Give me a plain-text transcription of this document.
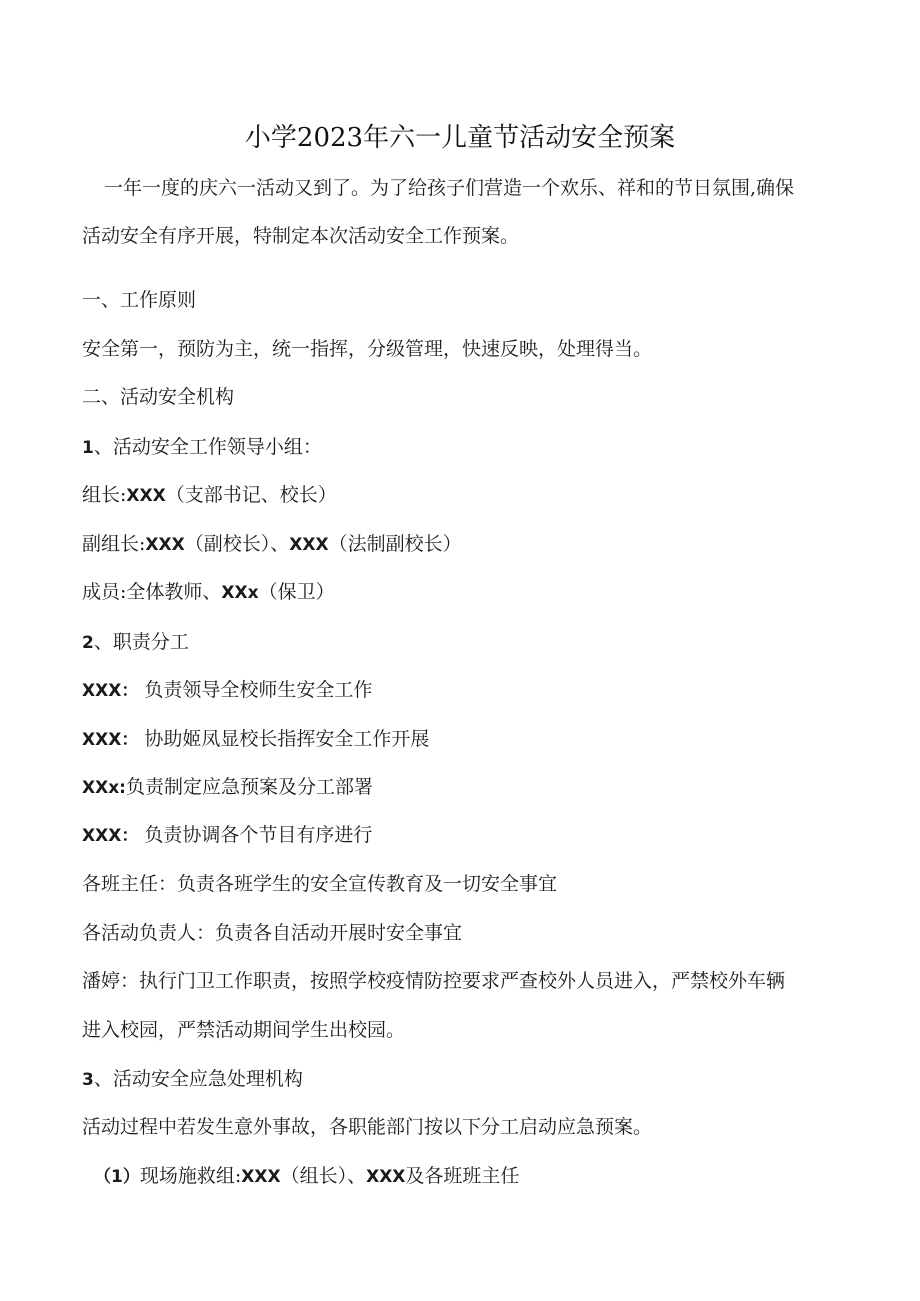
小学2023年六一儿童节活动安全预案
一年一度的庆六一活动又到了。为了给孩子们营造一个欢乐、祥和的节日氛围,确保
活动安全有序开展，特制定本次活动安全工作预案。
一、工作原则
安全第一，预防为主，统一指挥，分级管理，快速反映，处理得当。
二、活动安全机构
1、活动安全工作领导小组：
组长:XXX（支部书记、校长）
副组长:XXX（副校长）、XXX（法制副校长）
成员:全体教师、XXx（保卫）
2、职责分工
XXX： 负责领导全校师生安全工作
XXX： 协助姬凤显校长指挥安全工作开展
XXx:负责制定应急预案及分工部署
XXX： 负责协调各个节目有序进行
各班主任：负责各班学生的安全宣传教育及一切安全事宜
各活动负责人：负责各自活动开展时安全事宜
潘婷：执行门卫工作职责，按照学校疫情防控要求严查校外人员进入，严禁校外车辆
进入校园，严禁活动期间学生出校园。
3、活动安全应急处理机构
活动过程中若发生意外事故，各职能部门按以下分工启动应急预案。
（1）现场施救组:XXX（组长）、XXX及各班班主任
